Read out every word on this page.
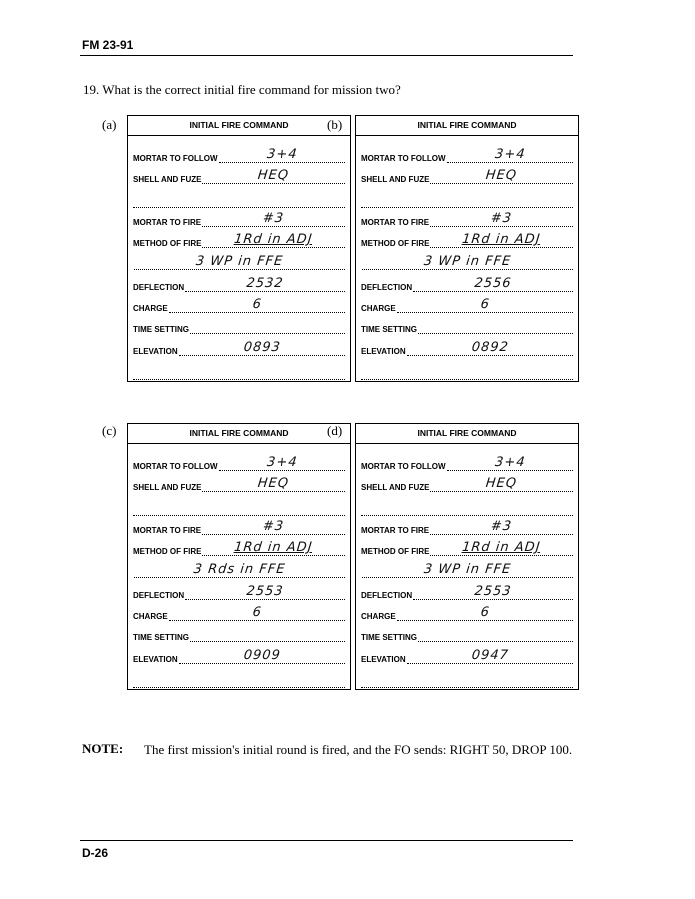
FM 23-91
19. What is the correct initial fire command for mission two?
(a)	(b)
(c)	(d)
INITIAL FIRE COMMAND
MORTAR TO FOLLOW	3+4
SHELL AND FUZE	HEQ
MORTAR TO FIRE	#3
METHOD OF FIRE	1Rd in ADJ
3 WP in FFE
DEFLECTION	2532
CHARGE	6
TIME SETTING
ELEVATION	0893
INITIAL FIRE COMMAND
MORTAR TO FOLLOW	3+4
SHELL AND FUZE	HEQ
MORTAR TO FIRE	#3
METHOD OF FIRE	1Rd in ADJ
3 WP in FFE
DEFLECTION	2556
CHARGE	6
TIME SETTING
ELEVATION	0892
INITIAL FIRE COMMAND
MORTAR TO FOLLOW	3+4
SHELL AND FUZE	HEQ
MORTAR TO FIRE	#3
METHOD OF FIRE	1Rd in ADJ
3 Rds in FFE
DEFLECTION	2553
CHARGE	6
TIME SETTING
ELEVATION	0909
INITIAL FIRE COMMAND
MORTAR TO FOLLOW	3+4
SHELL AND FUZE	HEQ
MORTAR TO FIRE	#3
METHOD OF FIRE	1Rd in ADJ
3 WP in FFE
DEFLECTION	2553
CHARGE	6
TIME SETTING
ELEVATION	0947
NOTE: The first mission's initial round is fired, and the FO sends: RIGHT 50, DROP 100.
D-26
